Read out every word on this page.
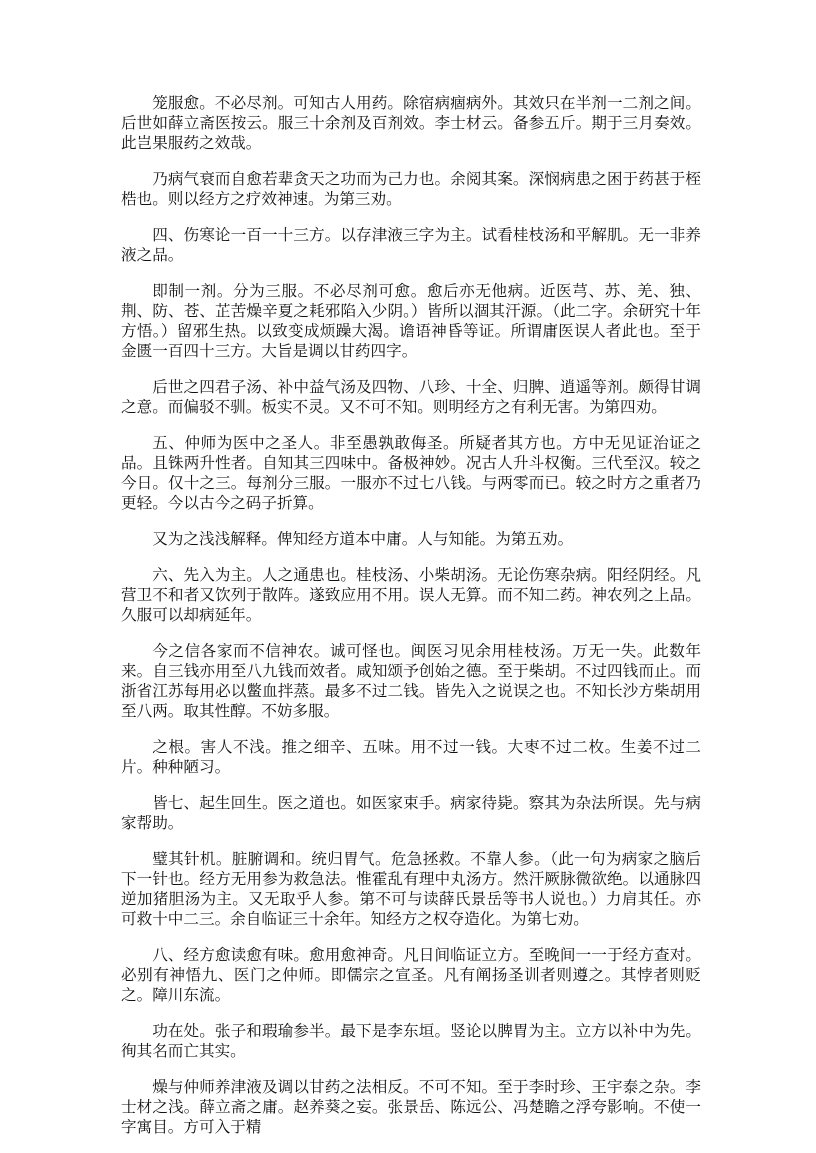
笼服愈。不必尽剂。可知古人用药。除宿病痼病外。其效只在半剂一二剂之间。后世如薛立斋医按云。服三十余剂及百剂效。李士材云。备参五斤。期于三月奏效。此岂果服药之效哉。

乃病气衰而自愈若辈贪天之功而为己力也。余阅其案。深悯病患之困于药甚于桎梏也。则以经方之疗效神速。为第三劝。

四、伤寒论一百一十三方。以存津液三字为主。试看桂枝汤和平解肌。无一非养液之品。

即制一剂。分为三服。不必尽剂可愈。愈后亦无他病。近医芎、苏、羌、独、荆、防、苍、芷苦燥辛夏之耗邪陷入少阴。）皆所以涸其汗源。（此二字。余研究十年方悟。）留邪生热。以致变成烦躁大渴。谵语神昏等证。所谓庸医误人者此也。至于金匮一百四十三方。大旨是调以甘药四字。

后世之四君子汤、补中益气汤及四物、八珍、十全、归脾、逍遥等剂。颇得甘调之意。而偏驳不驯。板实不灵。又不可不知。则明经方之有利无害。为第四劝。

五、仲师为医中之圣人。非至愚孰敢侮圣。所疑者其方也。方中无见证治证之品。且铢两升性者。自知其三四味中。备极神妙。况古人升斗权衡。三代至汉。较之今日。仅十之三。每剂分三服。一服亦不过七八钱。与两零而已。较之时方之重者乃更轻。今以古今之码子折算。

又为之浅浅解释。俾知经方道本中庸。人与知能。为第五劝。

六、先入为主。人之通患也。桂枝汤、小柴胡汤。无论伤寒杂病。阳经阴经。凡营卫不和者又饮列于散阵。遂致应用不用。误人无算。而不知二药。神农列之上品。久服可以却病延年。

今之信各家而不信神农。诚可怪也。闽医习见余用桂枝汤。万无一失。此数年来。自三钱亦用至八九钱而效者。咸知颂予创始之德。至于柴胡。不过四钱而止。而浙省江苏每用必以鳖血拌蒸。最多不过二钱。皆先入之说误之也。不知长沙方柴胡用至八两。取其性醇。不妨多服。

之根。害人不浅。推之细辛、五味。用不过一钱。大枣不过二枚。生姜不过二片。种种陋习。

皆七、起生回生。医之道也。如医家束手。病家待毙。察其为杂法所误。先与病家帮助。

璧其针机。脏腑调和。统归胃气。危急拯救。不靠人参。（此一句为病家之脑后下一针也。经方无用参为救急法。惟霍乱有理中丸汤方。然汗厥脉微欲绝。以通脉四逆加猪胆汤为主。又无取乎人参。第不可与读薛氏景岳等书人说也。）力肩其任。亦可救十中二三。余自临证三十余年。知经方之权夺造化。为第七劝。

八、经方愈读愈有味。愈用愈神奇。凡日间临证立方。至晚间一一于经方查对。必别有神悟九、医门之仲师。即儒宗之宣圣。凡有阐扬圣训者则遵之。其悖者则贬之。障川东流。

功在处。张子和瑕瑜参半。最下是李东垣。竖论以脾胃为主。立方以补中为先。徇其名而亡其实。

燥与仲师养津液及调以甘药之法相反。不可不知。至于李时珍、王宇泰之杂。李士材之浅。薛立斋之庸。赵养葵之妄。张景岳、陈远公、冯楚瞻之浮夸影响。不使一字寓目。方可入于精
